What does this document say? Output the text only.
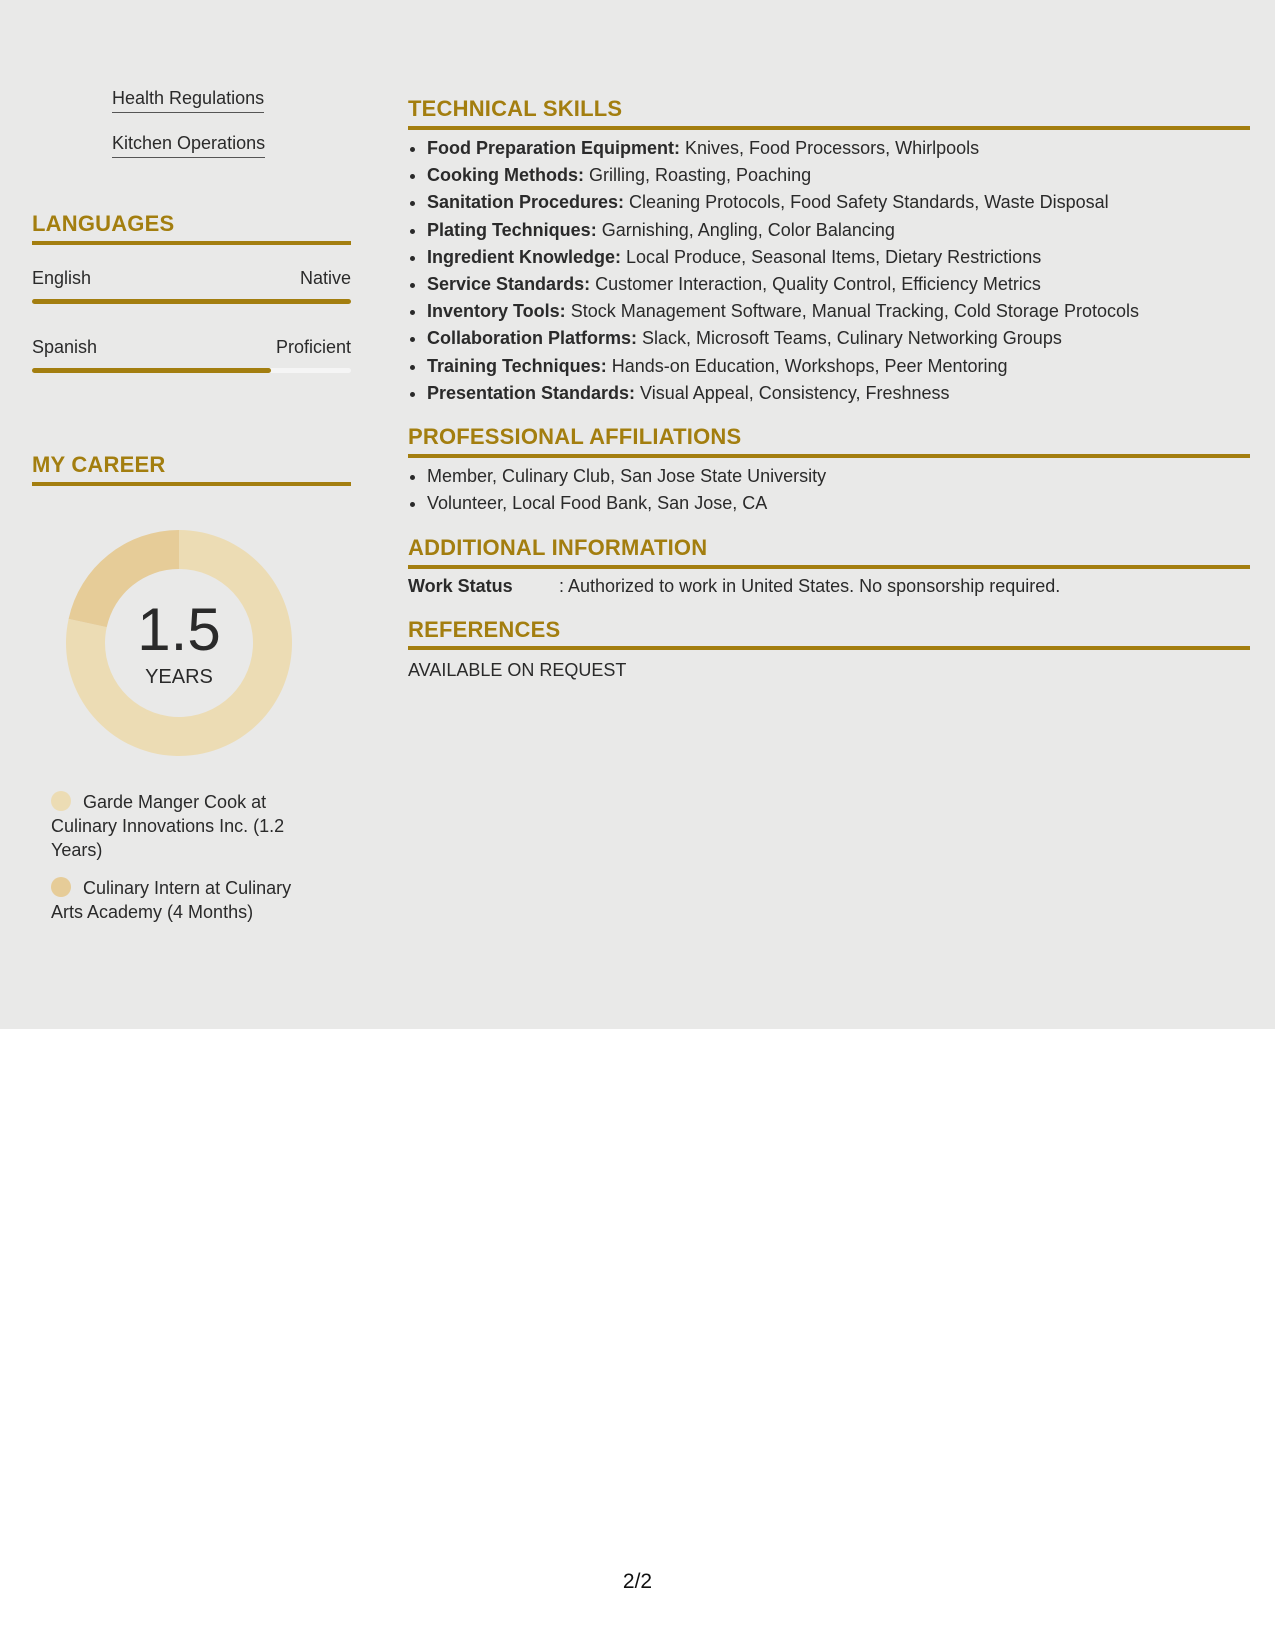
Health Regulations
Kitchen Operations
LANGUAGES
English	Native
Spanish	Proficient
MY CAREER
1.5
YEARS
Garde Manger Cook at Culinary Innovations Inc. (1.2 Years)
Culinary Intern at Culinary Arts Academy (4 Months)
TECHNICAL SKILLS
• Food Preparation Equipment: Knives, Food Processors, Whirlpools
• Cooking Methods: Grilling, Roasting, Poaching
• Sanitation Procedures: Cleaning Protocols, Food Safety Standards, Waste Disposal
• Plating Techniques: Garnishing, Angling, Color Balancing
• Ingredient Knowledge: Local Produce, Seasonal Items, Dietary Restrictions
• Service Standards: Customer Interaction, Quality Control, Efficiency Metrics
• Inventory Tools: Stock Management Software, Manual Tracking, Cold Storage Protocols
• Collaboration Platforms: Slack, Microsoft Teams, Culinary Networking Groups
• Training Techniques: Hands-on Education, Workshops, Peer Mentoring
• Presentation Standards: Visual Appeal, Consistency, Freshness
PROFESSIONAL AFFILIATIONS
• Member, Culinary Club, San Jose State University
• Volunteer, Local Food Bank, San Jose, CA
ADDITIONAL INFORMATION
Work Status	: Authorized to work in United States. No sponsorship required.
REFERENCES
AVAILABLE ON REQUEST
2/2
